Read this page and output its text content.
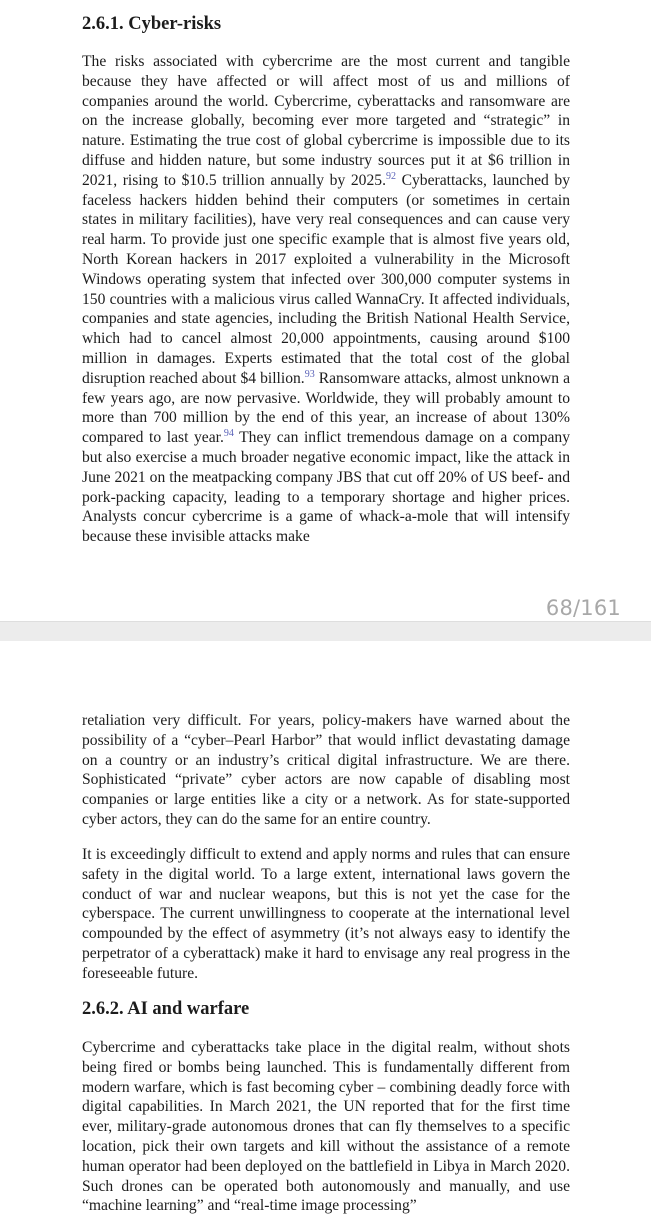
2.6.1. Cyber-risks

The risks associated with cybercrime are the most current and tangible because they have affected or will affect most of us and millions of companies around the world. Cybercrime, cyberattacks and ransomware are on the increase globally, becoming ever more targeted and “strategic” in nature. Estimating the true cost of global cybercrime is impossible due to its diffuse and hidden nature, but some industry sources put it at $6 trillion in 2021, rising to $10.5 trillion annually by 2025.92 Cyberattacks, launched by faceless hackers hidden behind their computers (or sometimes in certain states in military facilities), have very real consequences and can cause very real harm. To provide just one specific example that is almost five years old, North Korean hackers in 2017 exploited a vulnerability in the Microsoft Windows operating system that infected over 300,000 computer systems in 150 countries with a malicious virus called WannaCry. It affected individuals, companies and state agencies, including the British National Health Service, which had to cancel almost 20,000 appointments, causing around $100 million in damages. Experts estimated that the total cost of the global disruption reached about $4 billion.$^{93}$ Ransomware attacks, almost unknown a few years ago, are now pervasive. Worldwide, they will probably amount to more than 700 million by the end of this year, an increase of about 130% compared to last year.$^{94}$ They can inflict tremendous damage on a company but also exercise a much broader negative economic impact, like the attack in June 2021 on the meatpacking company JBS that cut off 20% of US beef- and pork-packing capacity, leading to a temporary shortage and higher prices. Analysts concur cybercrime is a game of whack-a-mole that will intensify because these invisible attacks make

68/161

retaliation very difficult. For years, policy-makers have warned about the possibility of a “cyber–Pearl Harbor” that would inflict devastating damage on a country or an industry’s critical digital infrastructure. We are there. Sophisticated “private” cyber actors are now capable of disabling most companies or large entities like a city or a network. As for state-supported cyber actors, they can do the same for an entire country.

It is exceedingly difficult to extend and apply norms and rules that can ensure safety in the digital world. To a large extent, international laws govern the conduct of war and nuclear weapons, but this is not yet the case for the cyberspace. The current unwillingness to cooperate at the international level compounded by the effect of asymmetry (it’s not always easy to identify the perpetrator of a cyberattack) make it hard to envisage any real progress in the foreseeable future.

2.6.2. AI and warfare

Cybercrime and cyberattacks take place in the digital realm, without shots being fired or bombs being launched. This is fundamentally different from modern warfare, which is fast becoming cyber – combining deadly force with digital capabilities. In March 2021, the UN reported that for the first time ever, military-grade autonomous drones that can fly themselves to a specific location, pick their own targets and kill without the assistance of a remote human operator had been deployed on the battlefield in Libya in March 2020. Such drones can be operated both autonomously and manually, and use “machine learning” and “real-time image processing”
